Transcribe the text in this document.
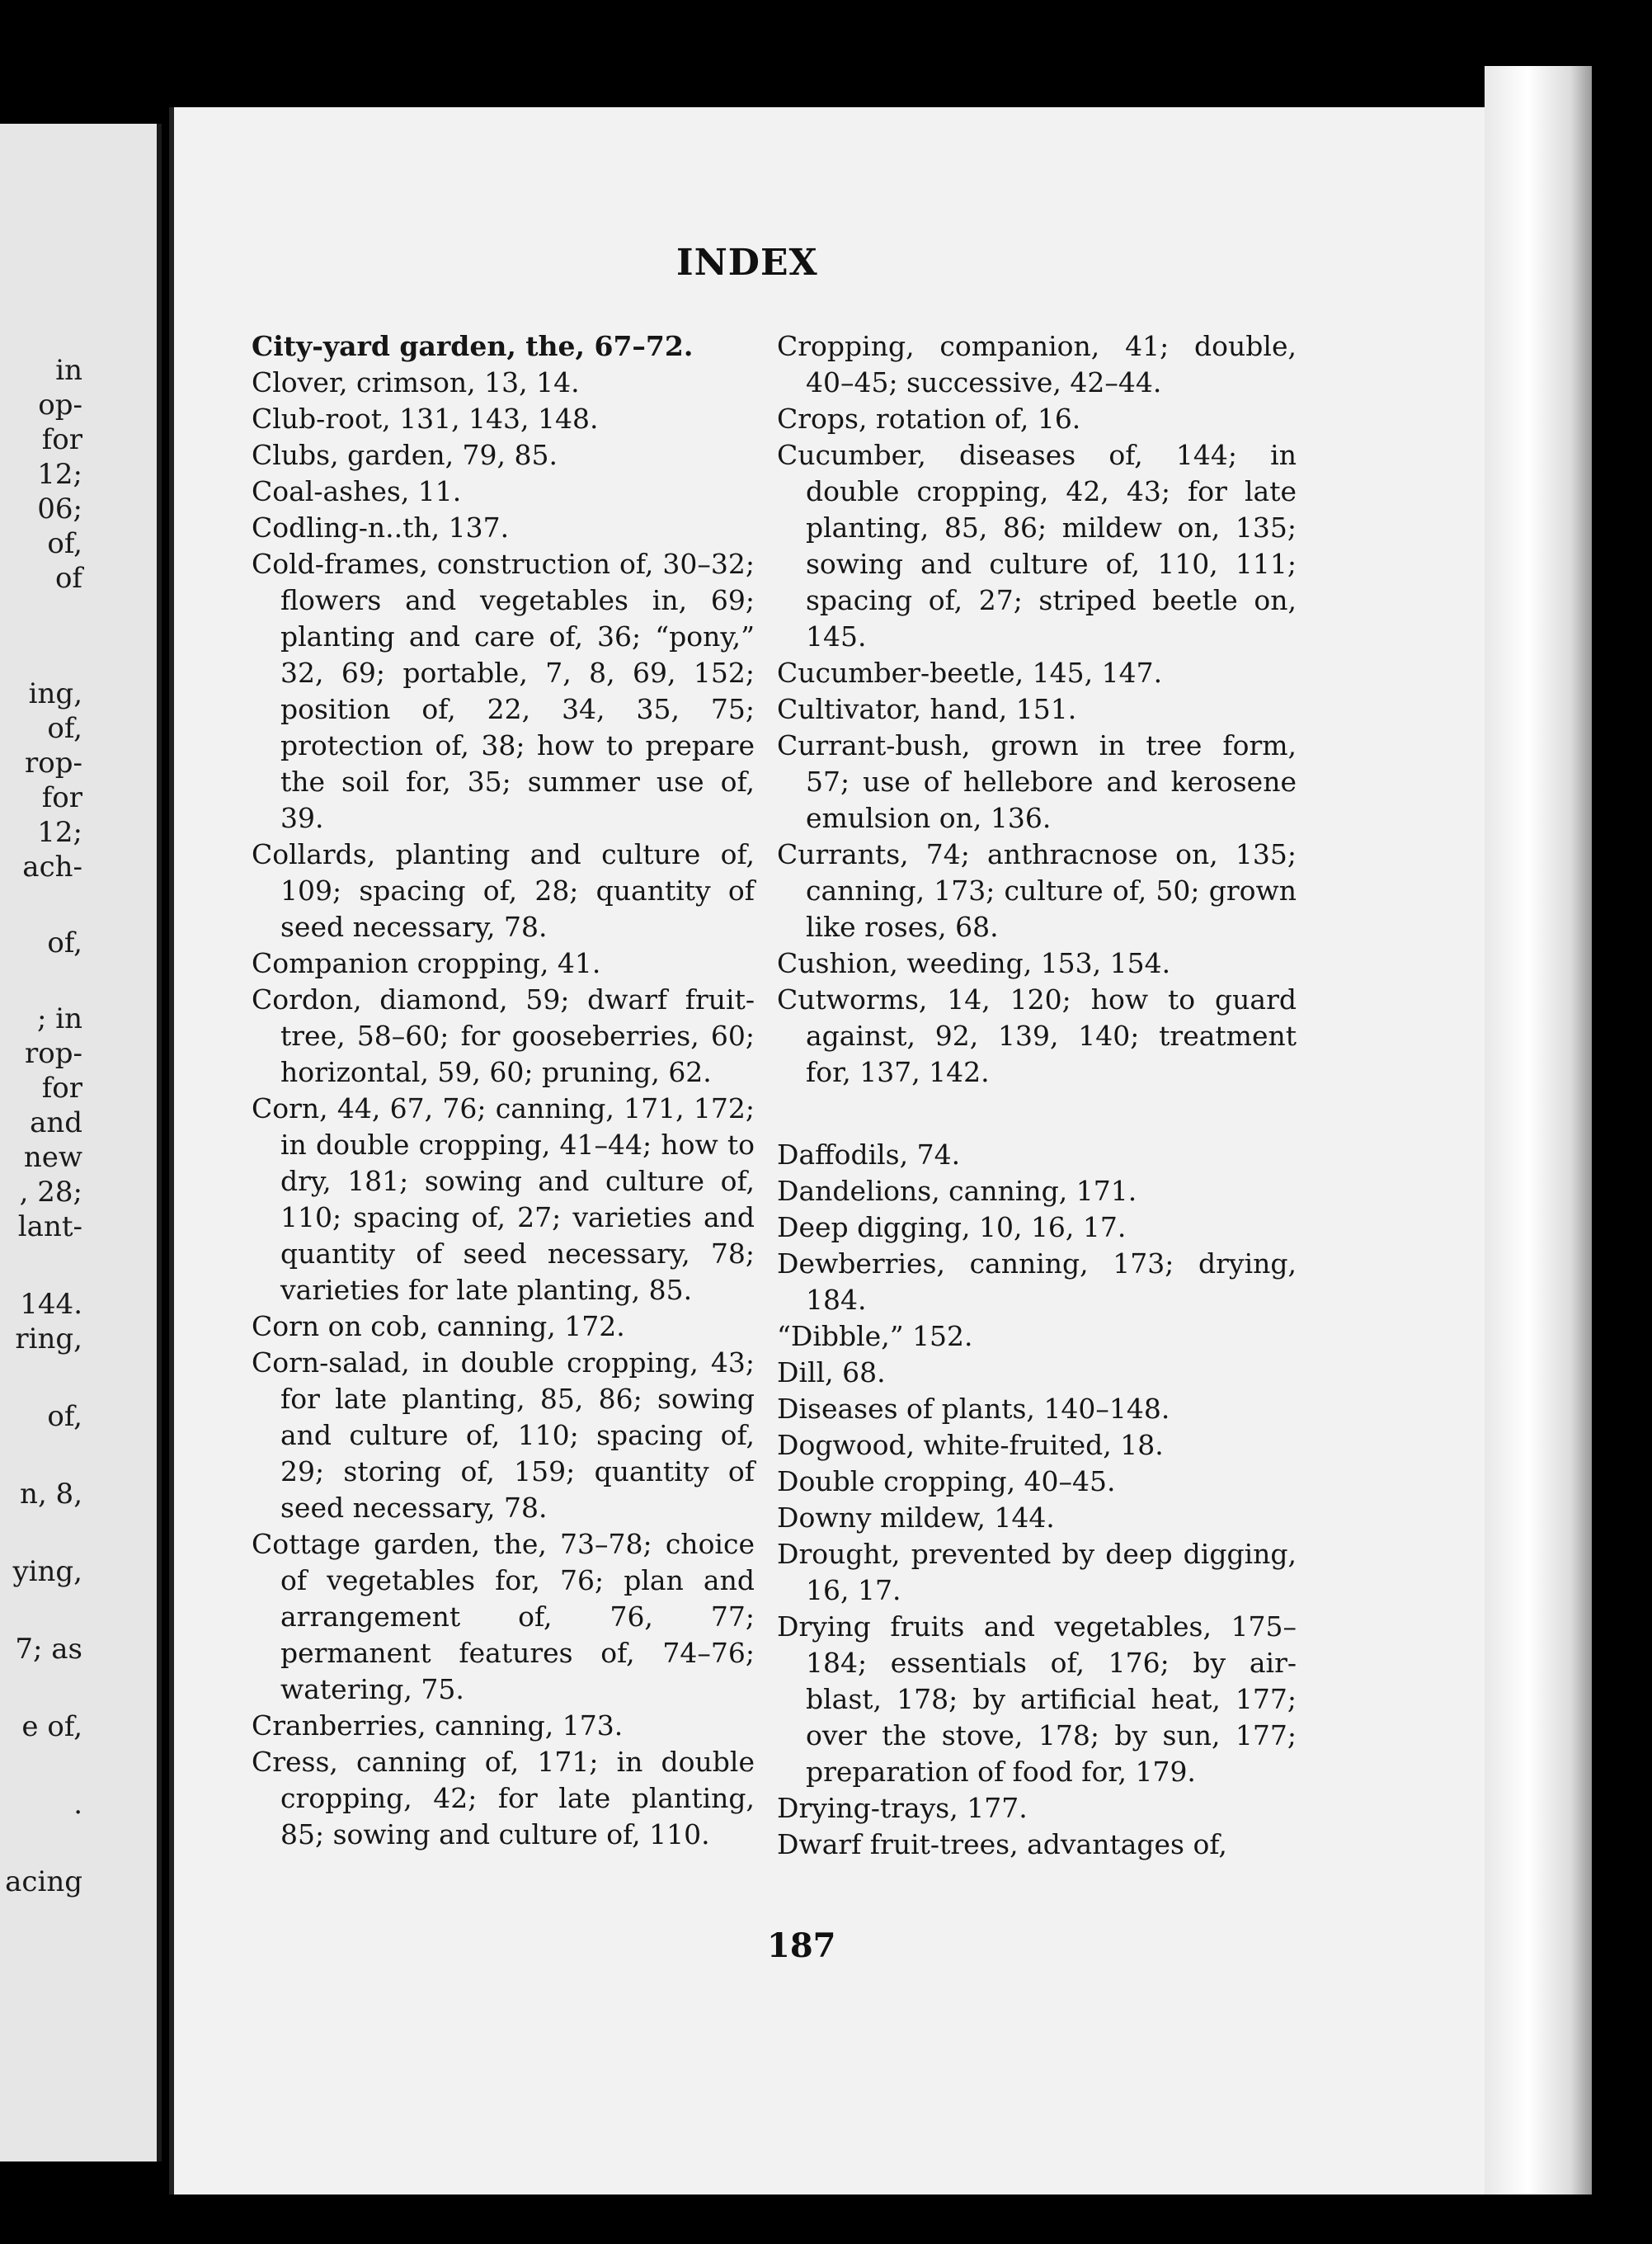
in
op-
for
12;
06;
of,
of
ing,
of,
rop-
for
12;
ach-
of,
; in
rop-
for
and
new
, 28;
lant-
144.
ring,
of,
n, 8,
ying,
7; as
e of,
.
acing
INDEX

City-yard garden, the, 67–72.

Clover, crimson, 13, 14.

Club-root, 131, 143, 148.

Clubs, garden, 79, 85.

Coal-ashes, 11.

Codling-n..th, 137.

Cold-frames, construction of, 30–32; flowers and vegetables in, 69; planting and care of, 36; “pony,” 32, 69; portable, 7, 8, 69, 152; position of, 22, 34, 35, 75; protection of, 38; how to prepare the soil for, 35; summer use of, 39.

Collards, planting and culture of, 109; spacing of, 28; quantity of seed necessary, 78.

Companion cropping, 41.

Cordon, diamond, 59; dwarf fruit-tree, 58–60; for gooseberries, 60; horizontal, 59, 60; pruning, 62.

Corn, 44, 67, 76; canning, 171, 172; in double cropping, 41–44; how to dry, 181; sowing and culture of, 110; spacing of, 27; varieties and quantity of seed necessary, 78; varieties for late planting, 85.

Corn on cob, canning, 172.

Corn-salad, in double cropping, 43; for late planting, 85, 86; sowing and culture of, 110; spacing of, 29; storing of, 159; quantity of seed necessary, 78.

Cottage garden, the, 73–78; choice of vegetables for, 76; plan and arrangement of, 76, 77; permanent features of, 74–76; watering, 75.

Cranberries, canning, 173.

Cress, canning of, 171; in double cropping, 42; for late planting, 85; sowing and culture of, 110.

Cropping, companion, 41; double, 40–45; successive, 42–44.

Crops, rotation of, 16.

Cucumber, diseases of, 144; in double cropping, 42, 43; for late planting, 85, 86; mildew on, 135; sowing and culture of, 110, 111; spacing of, 27; striped beetle on, 145.

Cucumber-beetle, 145, 147.

Cultivator, hand, 151.

Currant-bush, grown in tree form, 57; use of hellebore and kerosene emulsion on, 136.

Currants, 74; anthracnose on, 135; canning, 173; culture of, 50; grown like roses, 68.

Cushion, weeding, 153, 154.

Cutworms, 14, 120; how to guard against, 92, 139, 140; treatment for, 137, 142.

Daffodils, 74.

Dandelions, canning, 171.

Deep digging, 10, 16, 17.

Dewberries, canning, 173; drying, 184.

“Dibble,” 152.

Dill, 68.

Diseases of plants, 140–148.

Dogwood, white-fruited, 18.

Double cropping, 40–45.

Downy mildew, 144.

Drought, prevented by deep digging, 16, 17.

Drying fruits and vegetables, 175–184; essentials of, 176; by air-blast, 178; by artificial heat, 177; over the stove, 178; by sun, 177; preparation of food for, 179.

Drying-trays, 177.

Dwarf fruit-trees, advantages of,

187
